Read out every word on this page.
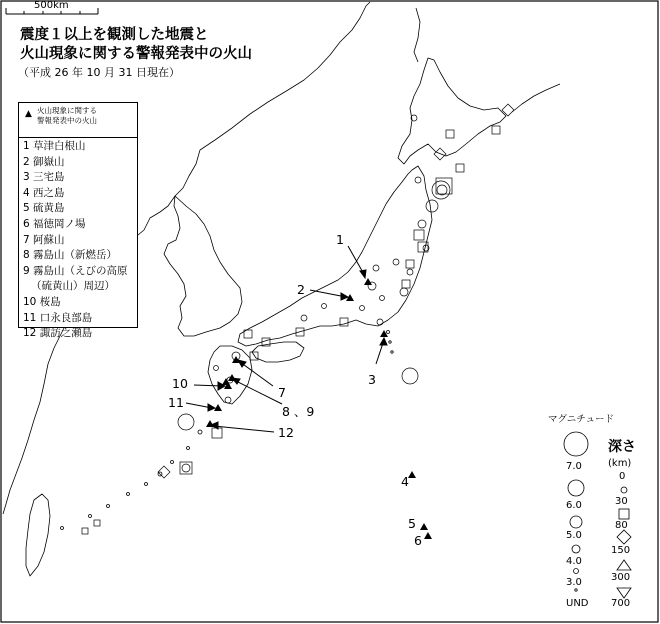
震度１以上を観測した地震と
火山現象に関する警報発表中の火山
（平成 26 年 10 月 31 日現在）
500km
▲ 火山現象に関する
警報発表中の火山
1 草津白根山
2 御嶽山
3 三宅島
4 西之島
5 硫黄島
6 福徳岡ノ場
7 阿蘇山
8 霧島山（新燃岳）
9 霧島山（えびの高原
（硫黄山）周辺）
10 桜島
11 口永良部島
12 諏訪之瀬島
1
2
3
4
5
6
7
8 、9
10
11
12
マグニチュード
7.0
6.0
5.0
4.0
3.0
UND
深さ
(km)
0
30
80
150
300
700
